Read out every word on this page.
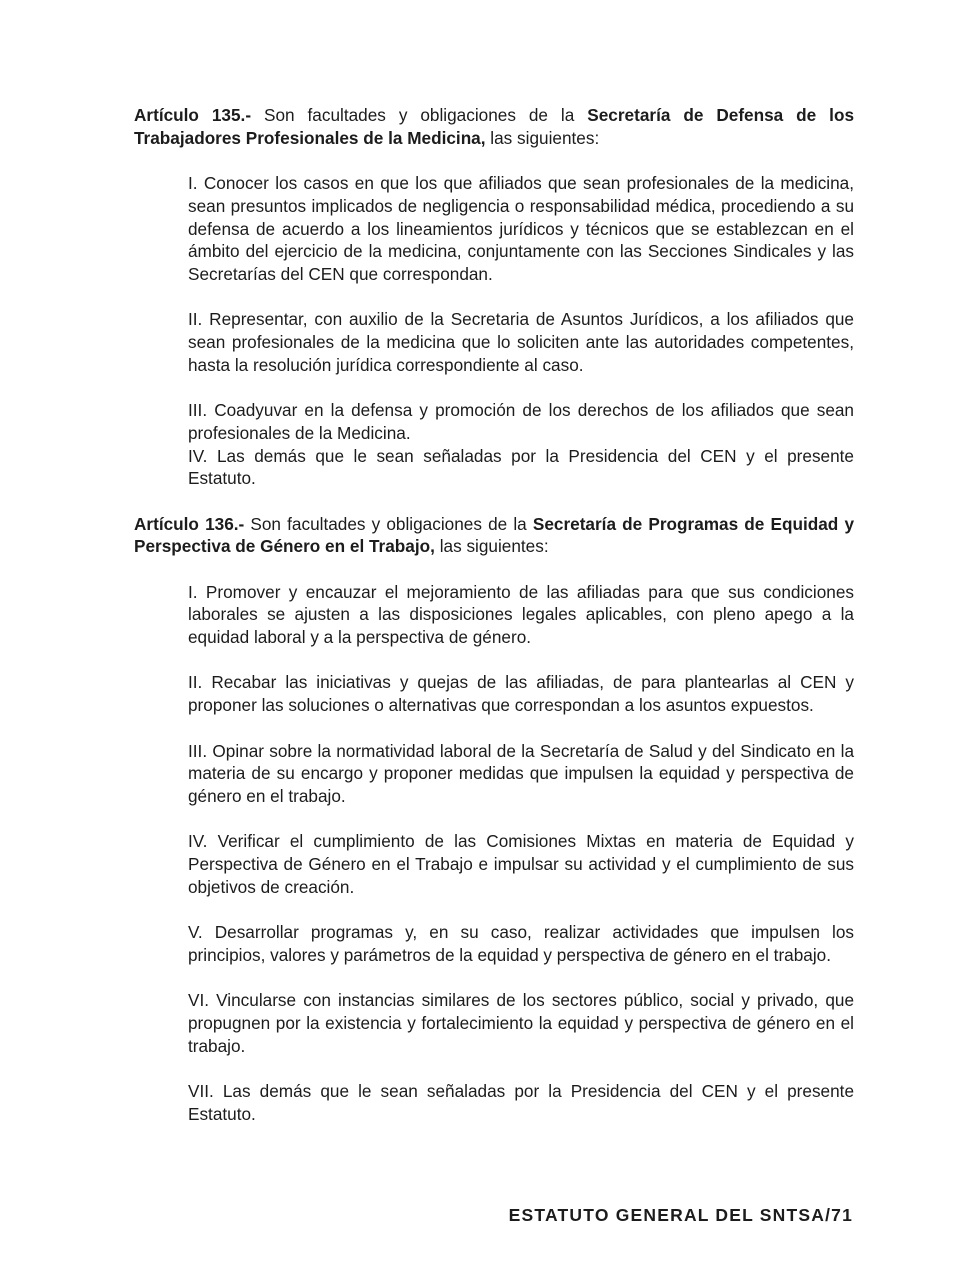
Artículo 135.- Son facultades y obligaciones de la Secretaría de Defensa de los Trabajadores Profesionales de la Medicina, las siguientes:

I. Conocer los casos en que los que afiliados que sean profesionales de la medicina, sean presuntos implicados de negligencia o responsabilidad médica, procediendo a su defensa de acuerdo a los lineamientos jurídicos y técnicos que se establezcan en el ámbito del ejercicio de la medicina, conjuntamente con las Secciones Sindicales y las Secretarías del CEN que correspondan.

II. Representar, con auxilio de la Secretaria de Asuntos Jurídicos, a los afiliados que sean profesionales de la medicina que lo soliciten ante las autoridades competentes, hasta la resolución jurídica correspondiente al caso.

III. Coadyuvar en la defensa y promoción de los derechos de los afiliados que sean profesionales de la Medicina.

IV. Las demás que le sean señaladas por la Presidencia del CEN y el presente Estatuto.

Artículo 136.- Son facultades y obligaciones de la Secretaría de Programas de Equidad y Perspectiva de Género en el Trabajo, las siguientes:

I. Promover y encauzar el mejoramiento de las afiliadas para que sus condiciones laborales se ajusten a las disposiciones legales aplicables, con pleno apego a la equidad laboral y a la perspectiva de género.

II. Recabar las iniciativas y quejas de las afiliadas, de para plantearlas al CEN y proponer las soluciones o alternativas que correspondan a los asuntos expuestos.

III. Opinar sobre la normatividad laboral de la Secretaría de Salud y del Sindicato en la materia de su encargo y proponer medidas que impulsen la equidad y perspectiva de género en el trabajo.

IV. Verificar el cumplimiento de las Comisiones Mixtas en materia de Equidad y Perspectiva de Género en el Trabajo e impulsar su actividad y el cumplimiento de sus objetivos de creación.

V. Desarrollar programas y, en su caso, realizar actividades que impulsen los principios, valores y parámetros de la equidad y perspectiva de género en el trabajo.

VI. Vincularse con instancias similares de los sectores público, social y privado, que propugnen por la existencia y fortalecimiento la equidad y perspectiva de género en el trabajo.

VII. Las demás que le sean señaladas por la Presidencia del CEN y el presente Estatuto.

ESTATUTO GENERAL DEL SNTSA/71
